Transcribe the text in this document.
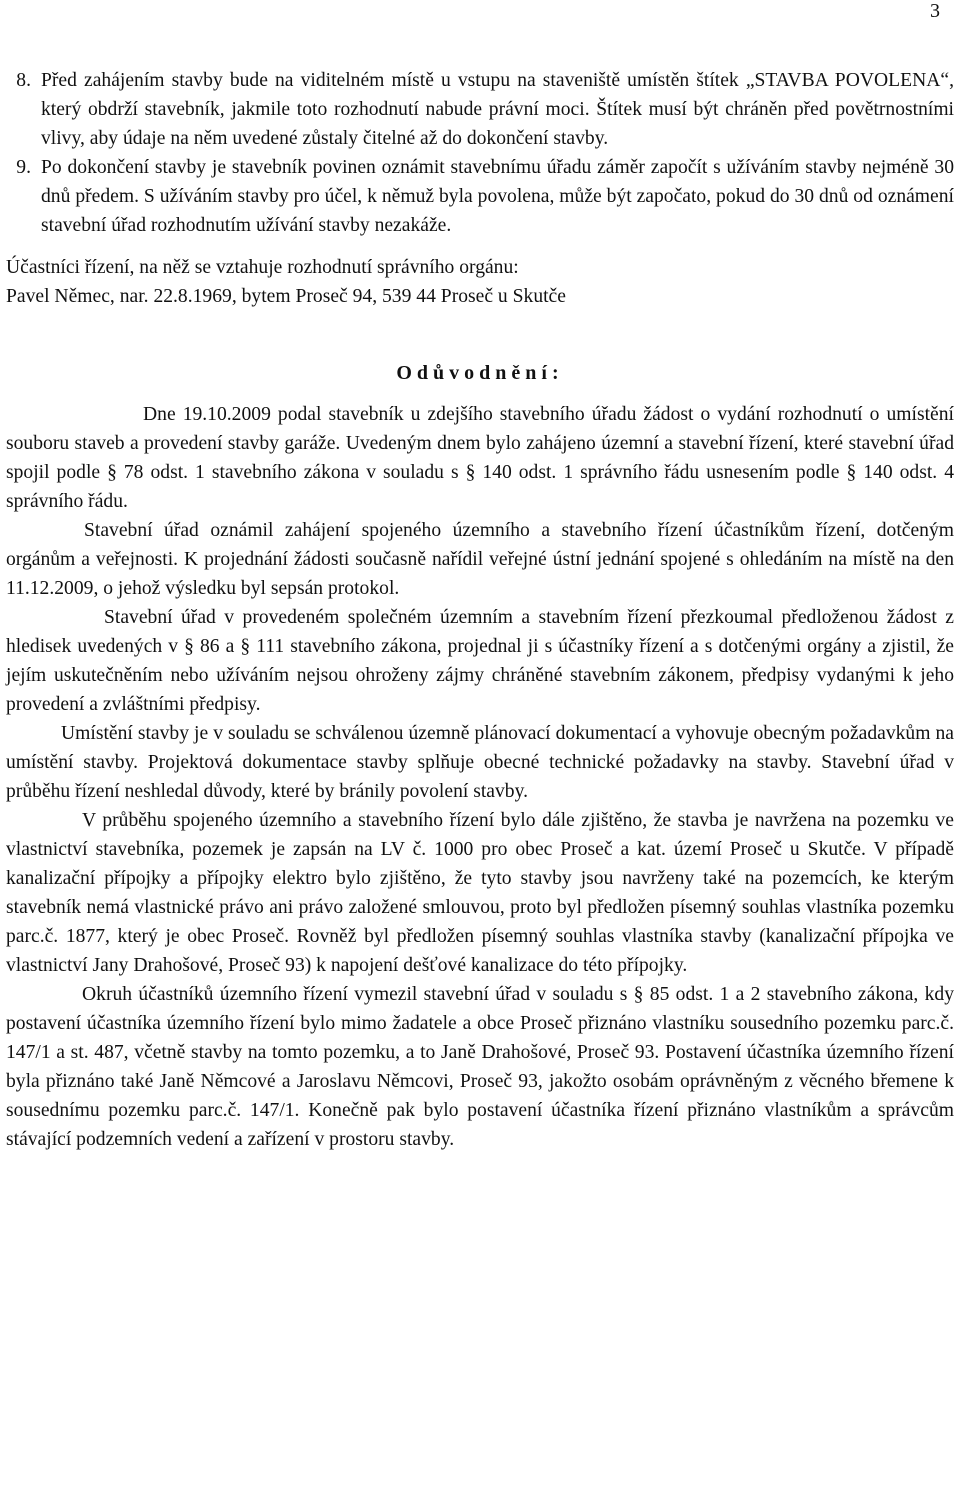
3
8. Před zahájením stavby bude na viditelném místě u vstupu na staveniště umístěn štítek „STAVBA POVOLENA“, který obdrží stavebník, jakmile toto rozhodnutí nabude právní moci. Štítek musí být chráněn před povětrnostními vlivy, aby údaje na něm uvedené zůstaly čitelné až do dokončení stavby.
9. Po dokončení stavby je stavebník povinen oznámit stavebnímu úřadu záměr započít s užíváním stavby nejméně 30 dnů předem. S užíváním stavby pro účel, k němuž byla povolena, může být započato, pokud do 30 dnů od oznámení stavební úřad rozhodnutím užívání stavby nezakáže.

Účastníci řízení, na něž se vztahuje rozhodnutí správního orgánu:

Pavel Němec, nar. 22.8.1969, bytem Proseč 94, 539 44 Proseč u Skutče

Odůvodnění:

Dne 19.10.2009 podal stavebník u zdejšího stavebního úřadu žádost o vydání rozhodnutí o umístění souboru staveb a provedení stavby garáže. Uvedeným dnem bylo zahájeno územní a stavební řízení, které stavební úřad spojil podle § 78 odst. 1 stavebního zákona v souladu s § 140 odst. 1 správního řádu usnesením podle § 140 odst. 4 správního řádu.

Stavební úřad oznámil zahájení spojeného územního a stavebního řízení účastníkům řízení, dotčeným orgánům a veřejnosti. K projednání žádosti současně nařídil veřejné ústní jednání spojené s ohledáním na místě na den 11.12.2009, o jehož výsledku byl sepsán protokol.

Stavební úřad v provedeném společném územním a stavebním řízení přezkoumal předloženou žádost z hledisek uvedených v § 86 a § 111 stavebního zákona, projednal ji s účastníky řízení a s dotčenými orgány a zjistil, že jejím uskutečněním nebo užíváním nejsou ohroženy zájmy chráněné stavebním zákonem, předpisy vydanými k jeho provedení a zvláštními předpisy.

Umístění stavby je v souladu se schválenou územně plánovací dokumentací a vyhovuje obecným požadavkům na umístění stavby. Projektová dokumentace stavby splňuje obecné technické požadavky na stavby. Stavební úřad v průběhu řízení neshledal důvody, které by bránily povolení stavby.

V průběhu spojeného územního a stavebního řízení bylo dále zjištěno, že stavba je navržena na pozemku ve vlastnictví stavebníka, pozemek je zapsán na LV č. 1000 pro obec Proseč a kat. území Proseč u Skutče. V případě kanalizační přípojky a přípojky elektro bylo zjištěno, že tyto stavby jsou navrženy také na pozemcích, ke kterým stavebník nemá vlastnické právo ani právo založené smlouvou, proto byl předložen písemný souhlas vlastníka pozemku parc.č. 1877, který je obec Proseč. Rovněž byl předložen písemný souhlas vlastníka stavby (kanalizační přípojka ve vlastnictví Jany Drahošové, Proseč 93) k napojení dešťové kanalizace do této přípojky.

Okruh účastníků územního řízení vymezil stavební úřad v souladu s § 85 odst. 1 a 2 stavebního zákona, kdy postavení účastníka územního řízení bylo mimo žadatele a obce Proseč přiznáno vlastníku sousedního pozemku parc.č. 147/1 a st. 487, včetně stavby na tomto pozemku, a to Janě Drahošové, Proseč 93. Postavení účastníka územního řízení byla přiznáno také Janě Němcové a Jaroslavu Němcovi, Proseč 93, jakožto osobám oprávněným z věcného břemene k sousednímu pozemku parc.č. 147/1. Konečně pak bylo postavení účastníka řízení přiznáno vlastníkům a správcům stávající podzemních vedení a zařízení v prostoru stavby.
